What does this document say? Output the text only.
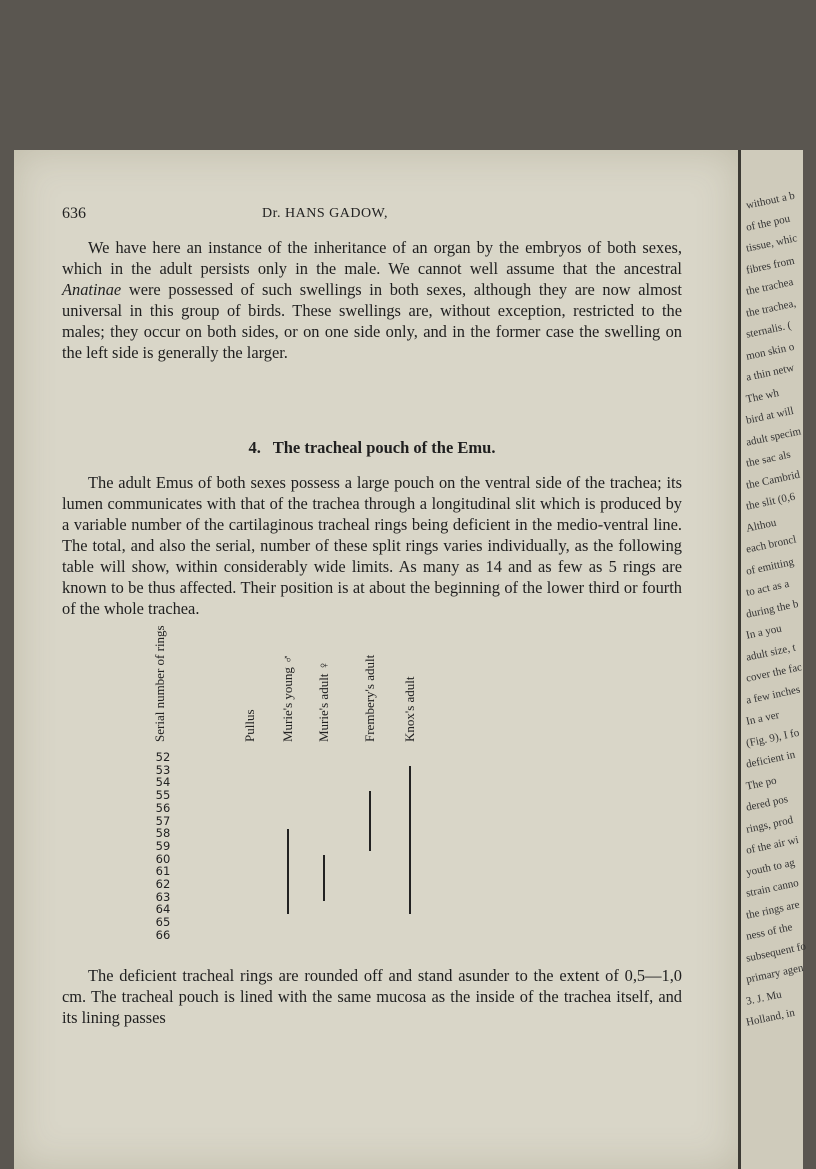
without a b
of the pou
tissue, whic
fibres from
the trachea
the trachea,
sternalis. (
mon skin o
a thin netw
The wh
bird at will
adult specim
the sac als
the Cambrid
the slit (0,6
Althou
each broncl
of emitting
to act as a
during the b
In a you
adult size, t
cover the fac
a few inches
In a ver
(Fig. 9), I fo
deficient in
The po
dered pos
rings, prod
of the air wi
youth to ag
strain canno
the rings are
ness of the
subsequent fo
primary agen
3. J. Mu
Holland, in
636	Dr. HANS GADOW,
We have here an instance of the inheritance of an organ by the embryos of both sexes, which in the adult persists only in the male. We cannot well assume that the ancestral Anatinae were possessed of such swellings in both sexes, although they are now almost universal in this group of birds. These swellings are, without exception, restricted to the males; they occur on both sides, or on one side only, and in the former case the swelling on the left side is generally the larger.
4. The tracheal pouch of the Emu.
The adult Emus of both sexes possess a large pouch on the ventral side of the trachea; its lumen communicates with that of the trachea through a longitudinal slit which is produced by a variable number of the cartilaginous tracheal rings being deficient in the medio-ventral line. The total, and also the serial, number of these split rings varies individually, as the following table will show, within considerably wide limits. As many as 14 and as few as 5 rings are known to be thus affected. Their position is at about the beginning of the lower third or fourth of the whole trachea.
Serial number of rings	Pullus Murie's young ♂ Murie's adult ♀ Frembery's adult Knox's adult
52
53
54
55
56
57
58
59
60
61
62
63
64
65
66
The deficient tracheal rings are rounded off and stand asunder to the extent of 0,5—1,0 cm. The tracheal pouch is lined with the same mucosa as the inside of the trachea itself, and its lining passes
